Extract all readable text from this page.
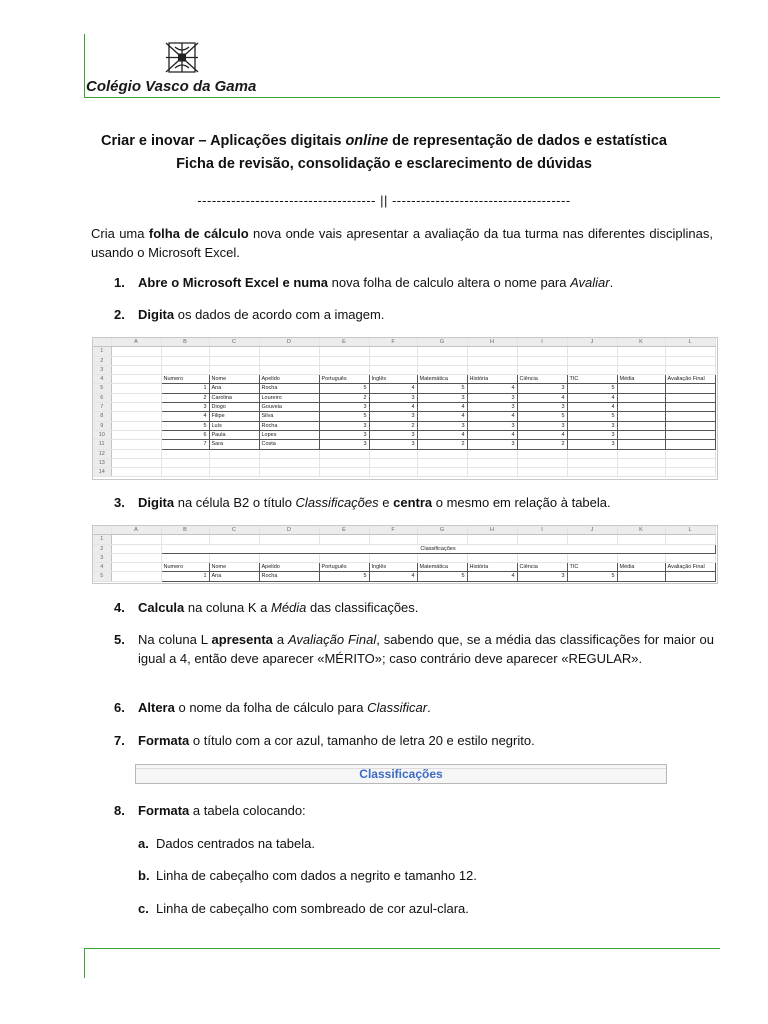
Colégio Vasco da Gama
Criar e inovar – Aplicações digitais online de representação de dados e estatística
Ficha de revisão, consolidação e esclarecimento de dúvidas
------------------------------------- || -------------------------------------
Cria uma folha de cálculo nova onde vais apresentar a avaliação da tua turma nas diferentes disciplinas, usando o Microsoft Excel.
1. Abre o Microsoft Excel e numa nova folha de calculo altera o nome para Avaliar.
2. Digita os dados de acordo com a imagem.
	A	B	C	D	E	F	G	H	I	J	K	L
1												
2												
3												
4		Numero	Nome	Apelido	Português	Inglês	Matemática	História	Ciência	TIC	Média	Avaliação Final
5		1	Ana	Rocha	5	4	5	4	3	5		
6		2	Carolina	Loureiro	2	3	3	3	4	4		
7		3	Diogo	Gouveia	3	4	4	3	3	4		
8		4	Filipe	Silva	5	3	4	4	5	5		
9		5	Luís	Rocha	3	2	3	3	3	3		
10		6	Paula	Lopes	3	3	4	4	4	3		
11		7	Sara	Costa	3	3	2	3	2	3		
12												
13												
14												
3. Digita na célula B2 o título Classificações e centra o mesmo em relação à tabela.
	A	B	C	D	E	F	G	H	I	J	K	L
1												
2		Classificações										
3												
4		Numero	Nome	Apelido	Português	Inglês	Matemática	História	Ciência	TIC	Média	Avaliação Final
5		1	Ana	Rocha	5	4	5	4	3	5		
4. Calcula na coluna K a Média das classificações.
5. Na coluna L apresenta a Avaliação Final, sabendo que, se a média das classificações for maior ou igual a 4, então deve aparecer «MÉRITO»; caso contrário deve aparecer «REGULAR».
6. Altera o nome da folha de cálculo para Classificar.
7. Formata o título com a cor azul, tamanho de letra 20 e estilo negrito.
Classificações
8. Formata a tabela colocando:
a. Dados centrados na tabela.
b. Linha de cabeçalho com dados a negrito e tamanho 12.
c. Linha de cabeçalho com sombreado de cor azul-clara.
